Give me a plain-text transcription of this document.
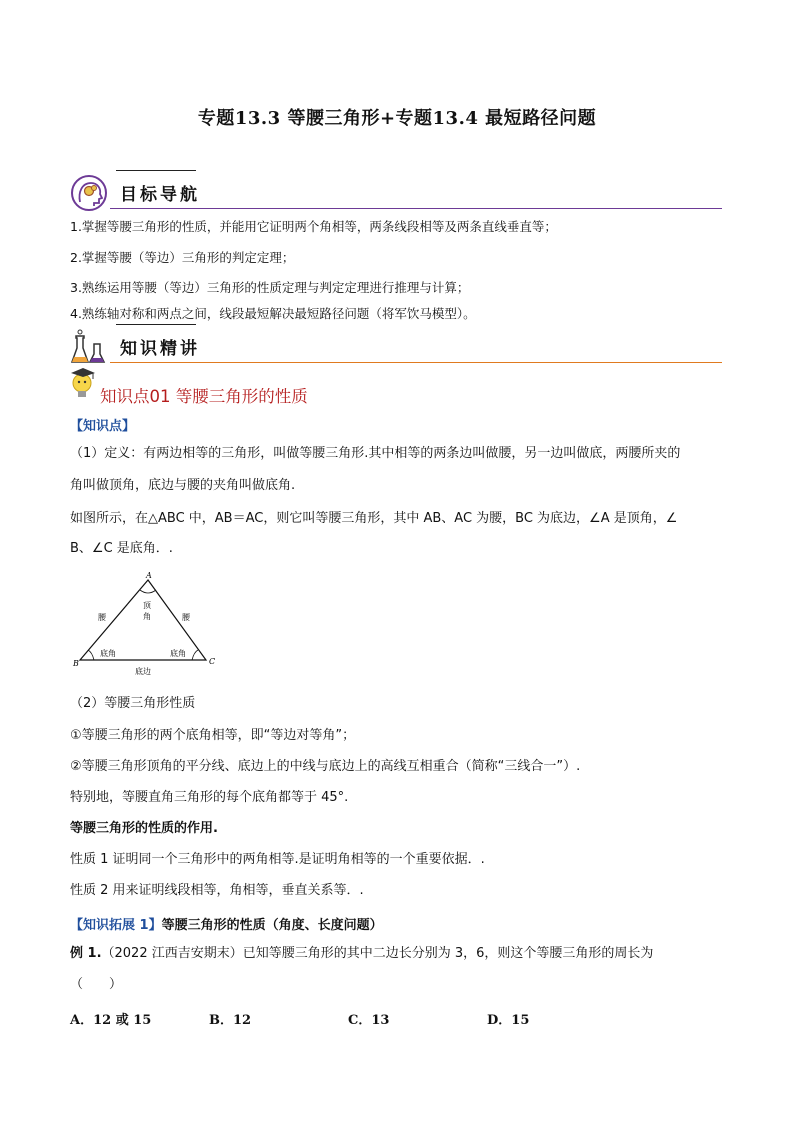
专题13.3 等腰三角形+专题13.4 最短路径问题
目标导航
1.掌握等腰三角形的性质，并能用它证明两个角相等，两条线段相等及两条直线垂直等；
2.掌握等腰（等边）三角形的判定定理；
3.熟练运用等腰（等边）三角形的性质定理与判定定理进行推理与计算；
4.熟练轴对称和两点之间，线段最短解决最短路径问题（将军饮马模型）。
知识精讲
知识点01 等腰三角形的性质
【知识点】
（1）定义：有两边相等的三角形，叫做等腰三角形.其中相等的两条边叫做腰，另一边叫做底，两腰所夹的
角叫做顶角，底边与腰的夹角叫做底角.
如图所示，在△ABC 中，AB＝AC，则它叫等腰三角形，其中 AB、AC 为腰，BC 为底边，∠A 是顶角，∠
B、∠C 是底角．.
A
B	C
腰	腰
顶
角
底角	底角
底边
（2）等腰三角形性质
①等腰三角形的两个底角相等，即“等边对等角”；
②等腰三角形顶角的平分线、底边上的中线与底边上的高线互相重合（简称“三线合一”）.
特别地，等腰直角三角形的每个底角都等于 45°.
等腰三角形的性质的作用.
性质 1 证明同一个三角形中的两角相等.是证明角相等的一个重要依据．.
性质 2 用来证明线段相等，角相等，垂直关系等．.
【知识拓展 1】等腰三角形的性质（角度、长度问题）
例 1.（2022 江西吉安期末）已知等腰三角形的其中二边长分别为 3，6，则这个等腰三角形的周长为
（　　）
A．12 或 15	B．12	C．13	D．15
